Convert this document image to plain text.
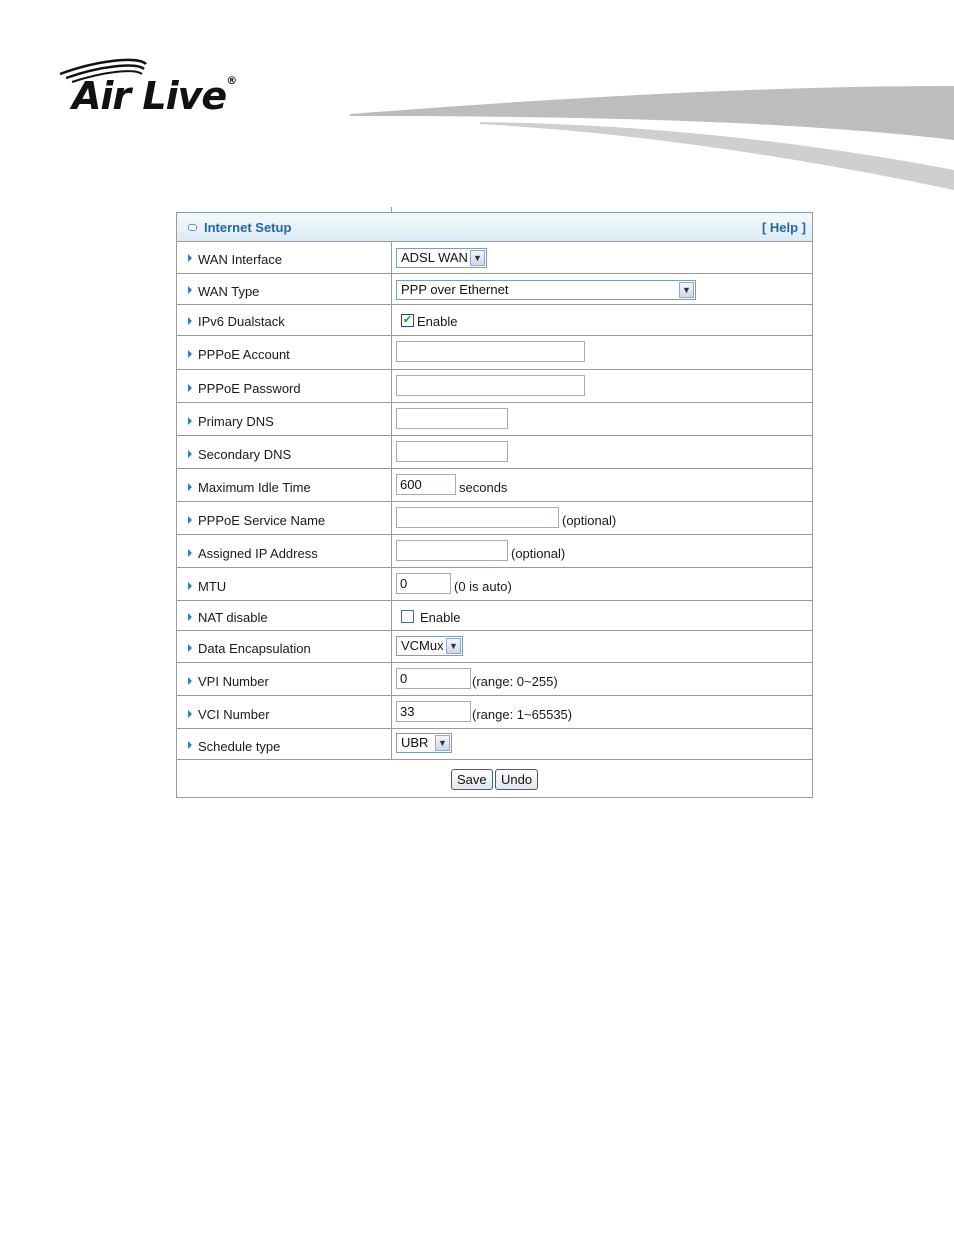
Air Live®
Internet Setup	[ Help ]
WAN Interface	ADSL WAN ▼
WAN Type	PPP over Ethernet	▼
IPv6 Dualstack	✔ Enable
PPPoE Account
PPPoE Password
Primary DNS
Secondary DNS
Maximum Idle Time	600	seconds
PPPoE Service Name	(optional)
Assigned IP Address	(optional)
MTU	0	(0 is auto)
NAT disable	Enable
Data Encapsulation	VCMux ▼
VPI Number	0	(range: 0~255)
VCI Number	33	(range: 1~65535)
Schedule type	UBR	▼
Save	Undo
